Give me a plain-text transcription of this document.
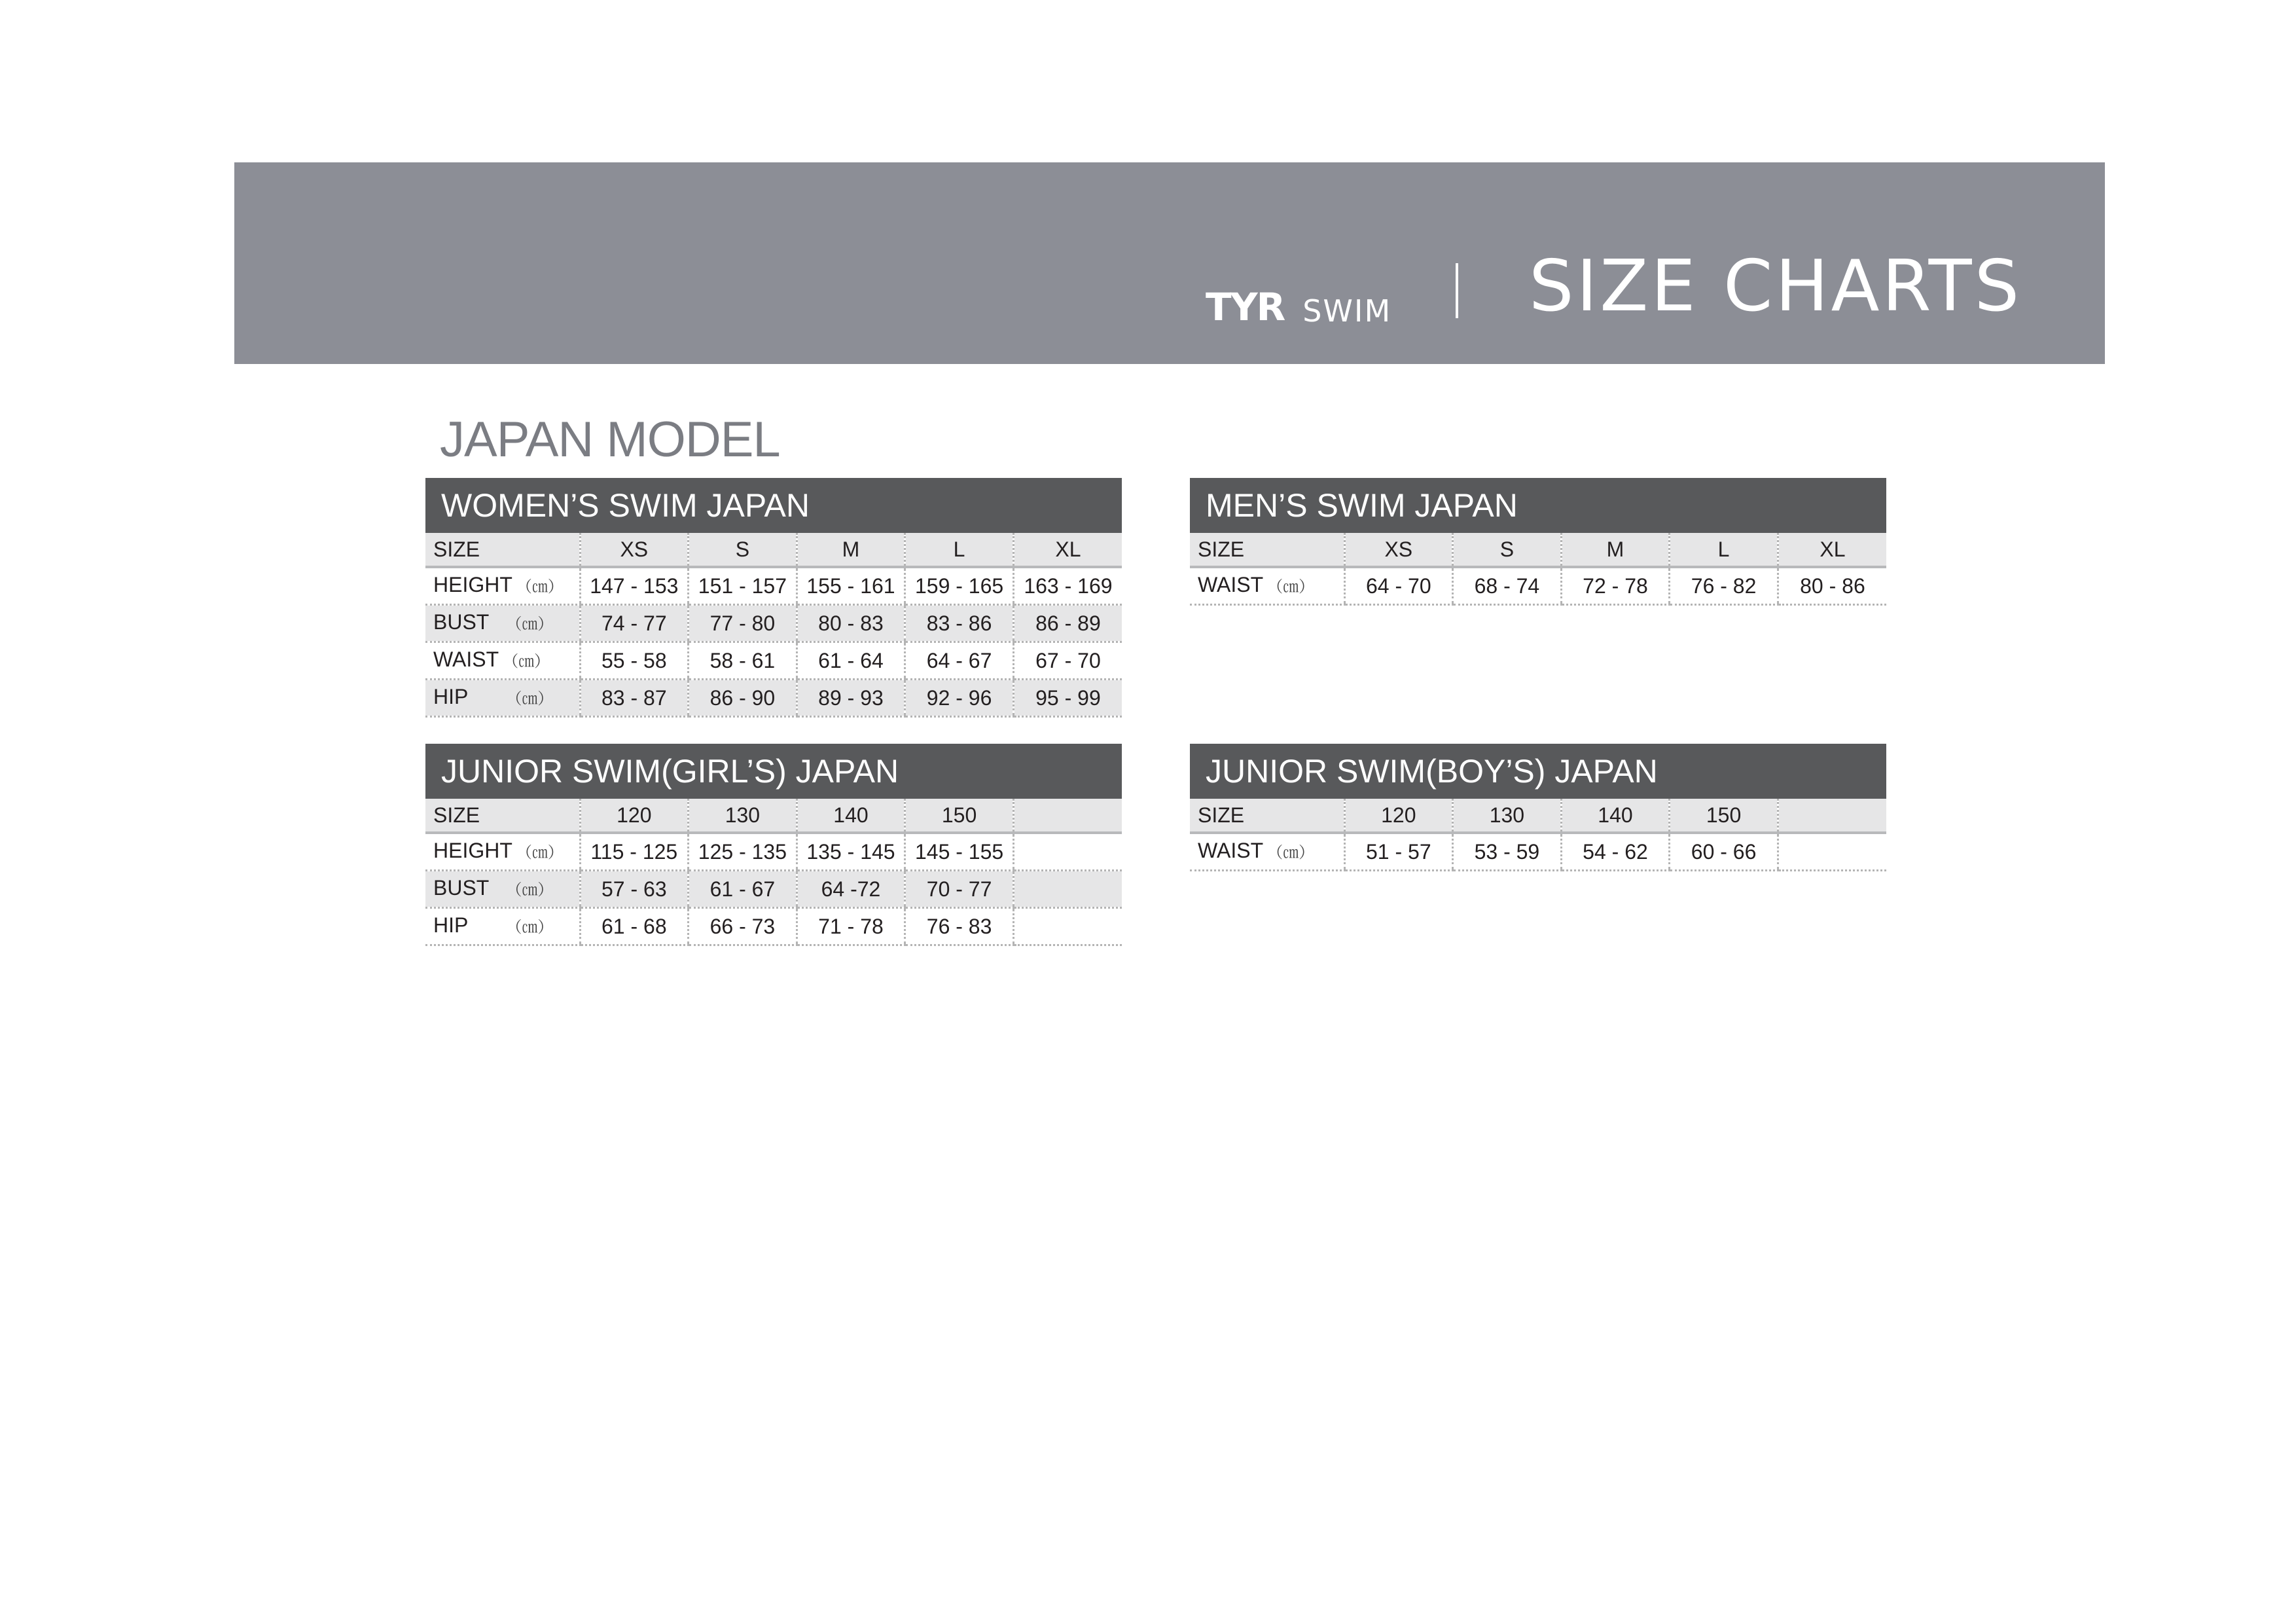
TYR SWIM SIZE CHARTS
JAPAN MODEL
WOMEN’S SWIM JAPAN
SIZE	XS	S	M	L	XL
HEIGHT （㎝）	147 - 153	151 - 157	155 - 161	159 - 165	163 - 169
BUST （㎝）	74 - 77	77 - 80	80 - 83	83 - 86	86 - 89
WAIST （㎝）	55 - 58	58 - 61	61 - 64	64 - 67	67 - 70
HIP （㎝）	83 - 87	86 - 90	89 - 93	92 - 96	95 - 99
MEN’S SWIM JAPAN
SIZE	XS	S	M	L	XL
WAIST （㎝）	64 - 70	68 - 74	72 - 78	76 - 82	80 - 86
JUNIOR SWIM(GIRL’S) JAPAN
SIZE	120	130	140	150	
HEIGHT （㎝）	115 - 125	125 - 135	135 - 145	145 - 155	
BUST （㎝）	57 - 63	61 - 67	64 -72	70 - 77	
HIP （㎝）	61 - 68	66 - 73	71 - 78	76 - 83	
JUNIOR SWIM(BOY’S) JAPAN
SIZE	120	130	140	150	
WAIST （㎝）	51 - 57	53 - 59	54 - 62	60 - 66	
